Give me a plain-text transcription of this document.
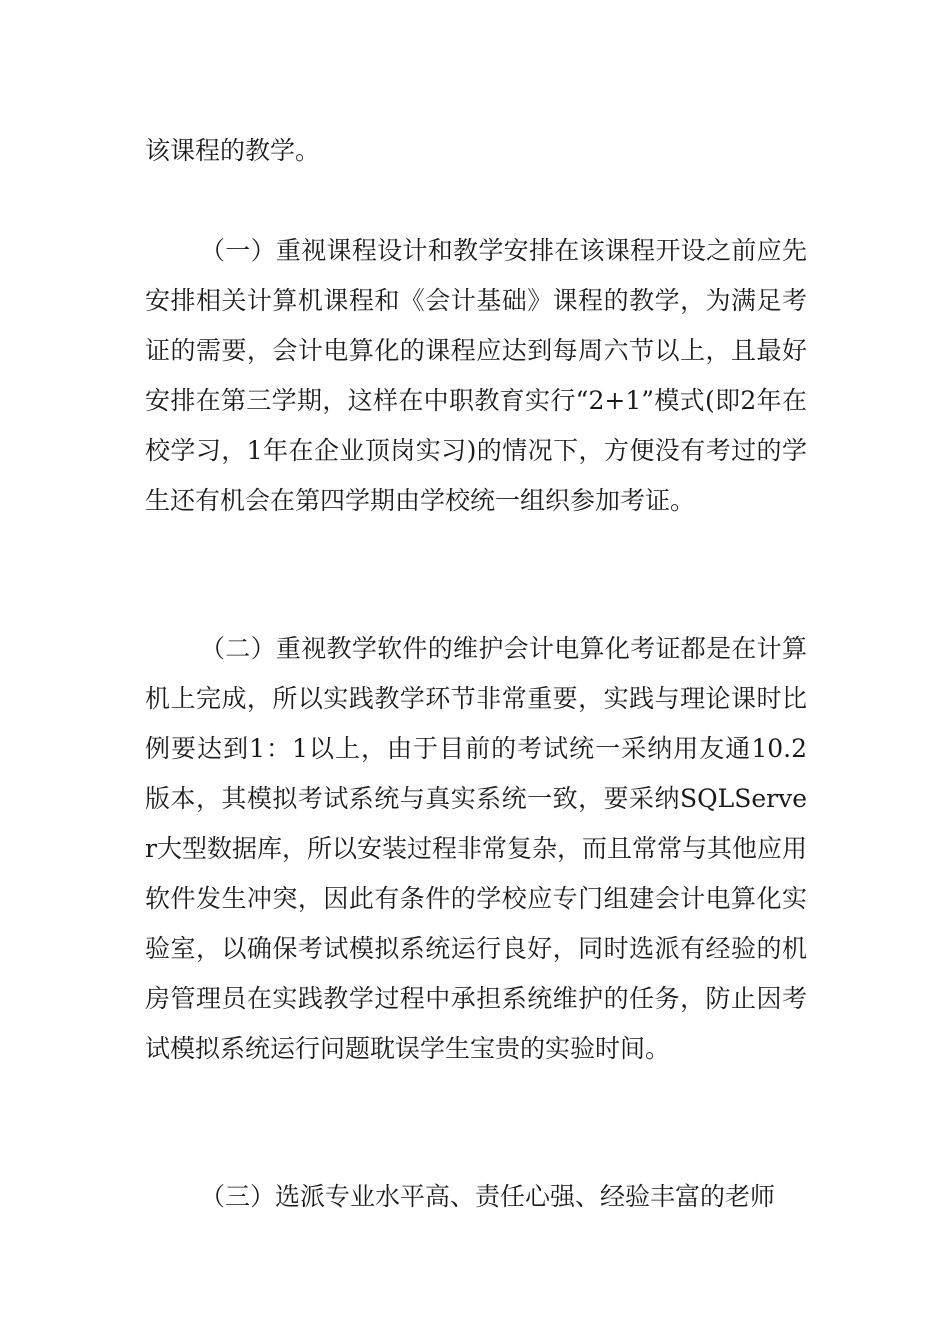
该课程的教学。

（一）重视课程设计和教学安排在该课程开设之前应先安排相关计算机课程和《会计基础》课程的教学，为满足考证的需要，会计电算化的课程应达到每周六节以上，且最好安排在第三学期，这样在中职教育实行“2+1”模式(即2年在校学习，1年在企业顶岗实习)的情况下，方便没有考过的学生还有机会在第四学期由学校统一组织参加考证。

（二）重视教学软件的维护会计电算化考证都是在计算机上完成，所以实践教学环节非常重要，实践与理论课时比例要达到1：1以上，由于目前的考试统一采纳用友通10.2版本，其模拟考试系统与真实系统一致，要采纳SQLServer大型数据库，所以安装过程非常复杂，而且常常与其他应用软件发生冲突，因此有条件的学校应专门组建会计电算化实验室，以确保考试模拟系统运行良好，同时选派有经验的机房管理员在实践教学过程中承担系统维护的任务，防止因考试模拟系统运行问题耽误学生宝贵的实验时间。

（三）选派专业水平高、责任心强、经验丰富的老师
